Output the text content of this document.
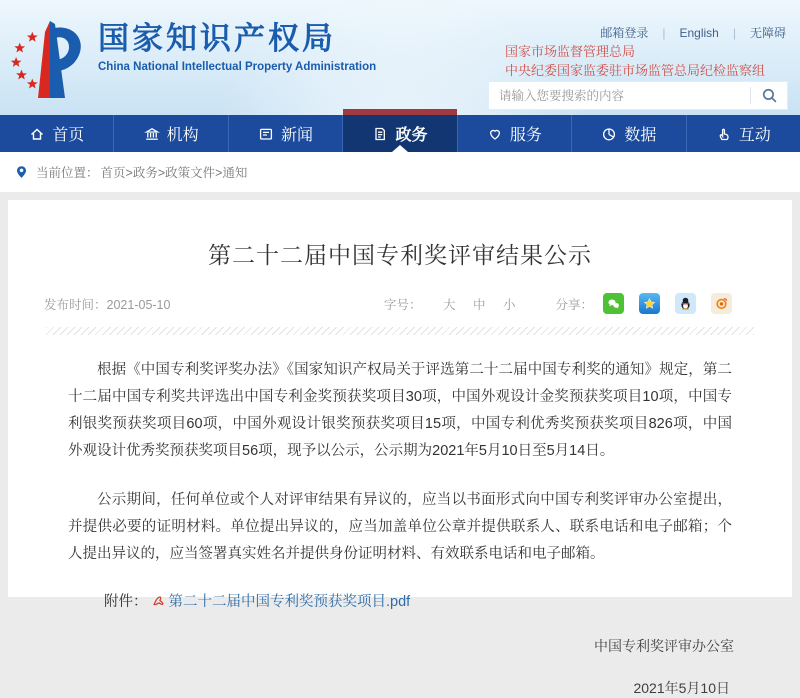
国家知识产权局
China National Intellectual Property Administration
邮箱登录 |	English |	无障碍
国家市场监督管理总局
中央纪委国家监委驻市场监管总局纪检监察组
请输入您要搜索的内容
首页	机构	新闻	政务	服务	数据	互动
当前位置： 首页>政务>政策文件>通知
第二十二届中国专利奖评审结果公示
发布时间：2021-05-10	字号： 大 中 小	分享：

根据《中国专利奖评奖办法》《国家知识产权局关于评选第二十二届中国专利奖的通知》规定，第二十二届中国专利奖共评选出中国专利金奖预获奖项目30项，中国外观设计金奖预获奖项目10项，中国专利银奖预获奖项目60项，中国外观设计银奖预获奖项目15项，中国专利优秀奖预获奖项目826项，中国外观设计优秀奖预获奖项目56项，现予以公示，公示期为2021年5月10日至5月14日。

公示期间，任何单位或个人对评审结果有异议的，应当以书面形式向中国专利奖评审办公室提出，并提供必要的证明材料。单位提出异议的，应当加盖单位公章并提供联系人、联系电话和电子邮箱；个人提出异议的，应当签署真实姓名并提供身份证明材料、有效联系电话和电子邮箱。

附件： 第二十二届中国专利奖预获奖项目.pdf
中国专利奖评审办公室
2021年5月10日
